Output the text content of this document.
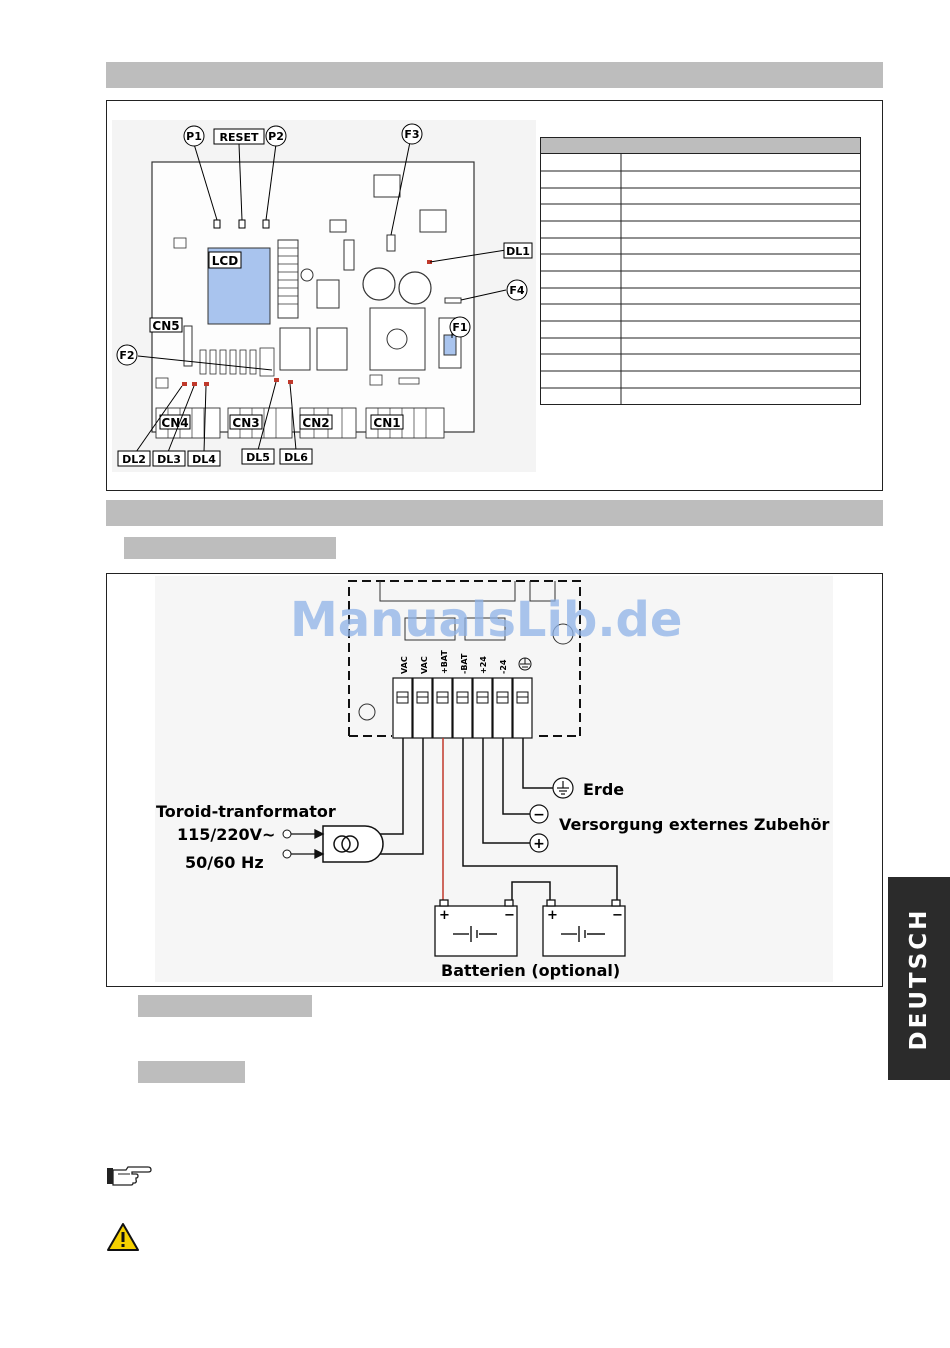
LCD
CN4	CN3	CN2	CN1
CN5
P1 RESET P2	F3
DL1
F4
F1
F2
DL2 DL3 DL4	DL5 DL6
VAC VAC +BAT -BAT +24 -24
Toroid-tranformator
115/220V~
50/60 Hz
Erde
− Versorgung externes Zubehör
+
+	− +	−
Batterien (optional)
ManualsLib.de
DEUTSCH
